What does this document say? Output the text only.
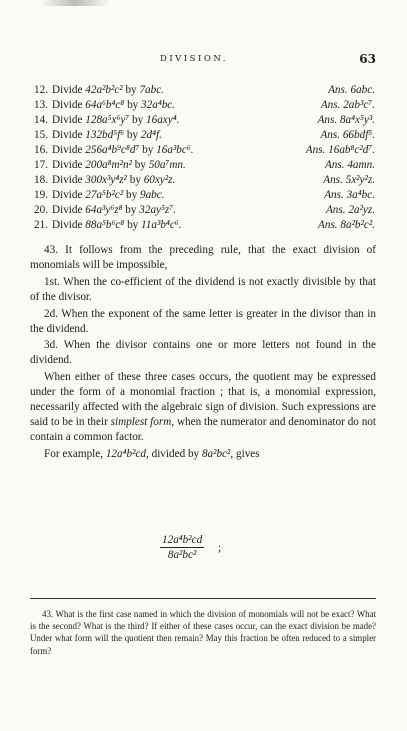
DIVISION.	63
12. Divide 42a²b²c² by 7abc.	Ans. 6abc.
13. Divide 64a⁶b⁴c⁸ by 32a⁴bc.	Ans. 2ab³c⁷.
14. Divide 128a⁵x⁶y⁷ by 16axy⁴.	Ans. 8a⁴x⁵y³.
15. Divide 132bd⁵f⁶ by 2d⁴f.	Ans. 66bdf⁵.
16. Divide 256a⁴b⁹c⁸d⁷ by 16a³bc⁶.	Ans. 16ab⁸c²d⁷.
17. Divide 200a⁸m²n² by 50a⁷mn.	Ans. 4amn.
18. Divide 300x³y⁴z² by 60xy²z.	Ans. 5x²y²z.
19. Divide 27a⁵b²c² by 9abc.	Ans. 3a⁴bc.
20. Divide 64a³y⁶z⁸ by 32ay⁵z⁷.	Ans. 2a²yz.
21. Divide 88a⁵b⁶c⁸ by 11a³b⁴c⁶.	Ans. 8a²b²c².

43. It follows from the preceding rule, that the exact division of monomials will be impossible,

1st. When the co-efficient of the dividend is not exactly divisible by that of the divisor.

2d. When the exponent of the same letter is greater in the divisor than in the dividend.

3d. When the divisor contains one or more letters not found in the dividend.

When either of these three cases occurs, the quotient may be expressed under the form of a monomial fraction ; that is, a monomial expression, necessarily affected with the algebraic sign of division. Such expressions are said to be in their simplest form, when the numerator and denominator do not contain a common factor.

For example, 12a⁴b²cd, divided by 8a²bc², gives

12a⁴b²cd
8a²bc²
;

43. What is the first case named in which the division of monomials will not be exact? What is the second? What is the third? If either of these cases occur, can the exact division be made? Under what form will the quotient then remain? May this fraction be often reduced to a simpler form?
